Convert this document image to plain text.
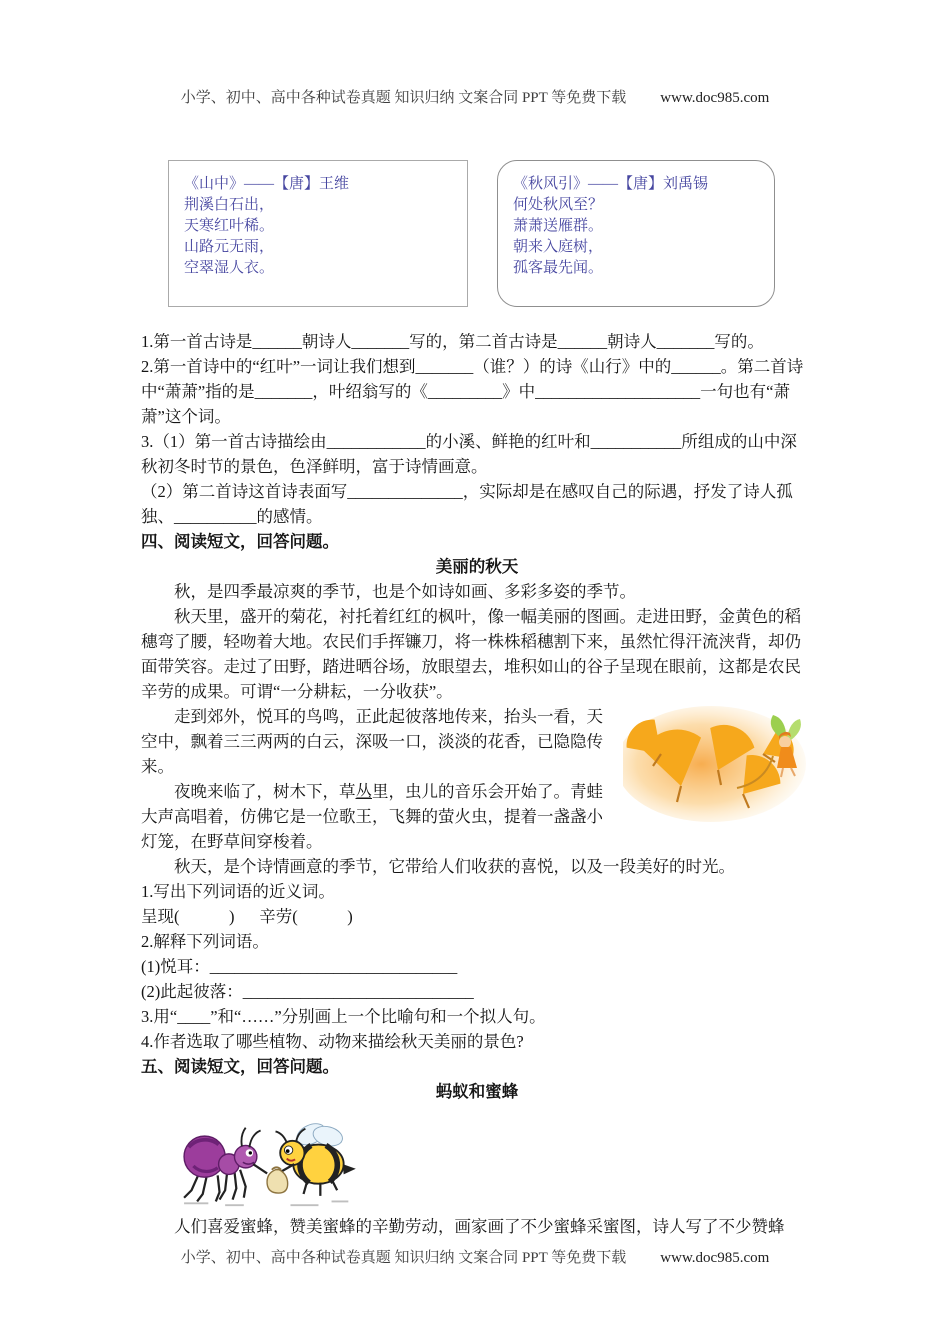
小学、初中、高中各种试卷真题 知识归纳 文案合同 PPT 等免费下载 www.doc985.com
《山中》——【唐】王维
荆溪白石出，
天寒红叶稀。
山路元无雨，
空翠湿人衣。
《秋风引》——【唐】刘禹锡
何处秋风至？
萧萧送雁群。
朝来入庭树，
孤客最先闻。
1.第一首古诗是______朝诗人_______写的，第二首古诗是______朝诗人_______写的。
2.第一首诗中的“红叶”一词让我们想到_______（谁？）的诗《山行》中的______。第二首诗中“萧萧”指的是_______，叶绍翁写的《_________》中____________________一句也有“萧萧”这个词。
3.（1）第一首古诗描绘由____________的小溪、鲜艳的红叶和___________所组成的山中深秋初冬时节的景色，色泽鲜明，富于诗情画意。
（2）第二首诗这首诗表面写______________，实际却是在感叹自己的际遇，抒发了诗人孤独、__________的感情。
四、阅读短文，回答问题。
美丽的秋天
秋，是四季最凉爽的季节，也是个如诗如画、多彩多姿的季节。
秋天里，盛开的菊花，衬托着红红的枫叶，像一幅美丽的图画。走进田野，金黄色的稻穗弯了腰，轻吻着大地。农民们手挥镰刀，将一株株稻穗割下来，虽然忙得汗流浃背，却仍面带笑容。走过了田野，踏进晒谷场，放眼望去，堆积如山的谷子呈现在眼前，这都是农民辛劳的成果。可谓“一分耕耘，一分收获”。
走到郊外，悦耳的鸟鸣，正此起彼落地传来，抬头一看，天空中，飘着三三两两的白云，深吸一口，淡淡的花香，已隐隐传来。
夜晚来临了，树木下，草丛里，虫儿的音乐会开始了。青蛙大声高唱着，仿佛它是一位歌王，飞舞的萤火虫，提着一盏盏小灯笼，在野草间穿梭着。
秋天，是个诗情画意的季节，它带给人们收获的喜悦，以及一段美好的时光。
1.写出下列词语的近义词。
呈现(            )      辛劳(            )
2.解释下列词语。
(1)悦耳：______________________________
(2)此起彼落：____________________________
3.用“____”和“……”分别画上一个比喻句和一个拟人句。
4.作者选取了哪些植物、动物来描绘秋天美丽的景色?
五、阅读短文，回答问题。
蚂蚁和蜜蜂
人们喜爱蜜蜂，赞美蜜蜂的辛勤劳动，画家画了不少蜜蜂采蜜图，诗人写了不少赞蜂
小学、初中、高中各种试卷真题 知识归纳 文案合同 PPT 等免费下载 www.doc985.com
